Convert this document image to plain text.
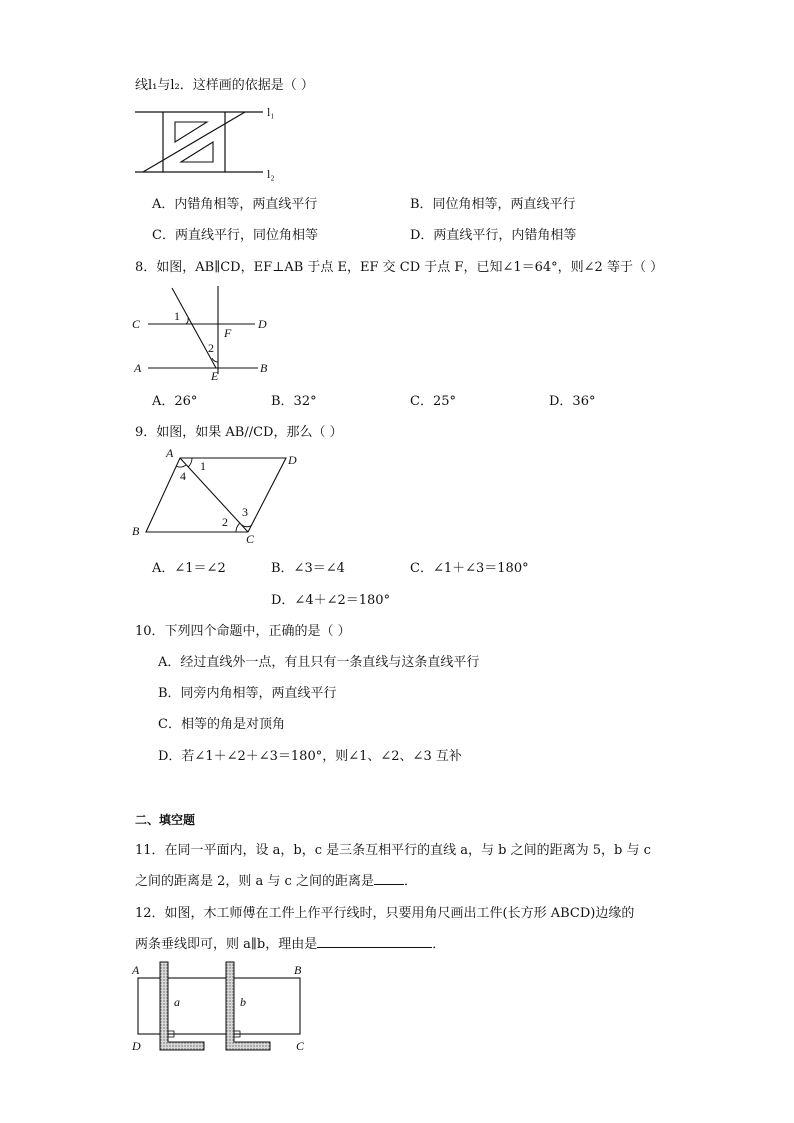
线l₁与l₂．这样画的依据是（ ）
l₁
l₂
A．内错角相等，两直线平行	B．同位角相等，两直线平行
C．两直线平行，同位角相等	D．两直线平行，内错角相等
8．如图，AB∥CD，EF⊥AB 于点 E，EF 交 CD 于点 F，已知∠1＝64°，则∠2 等于（ ）
C	D
A	B
E
F
1
2
A．26°	B．32°	C．25°	D．36°
9．如图，如果 AB//CD，那么（ ）
A	D
B
C
1
4
2
3
A．∠1＝∠2	B．∠3＝∠4	C．∠1＋∠3＝180°
D．∠4＋∠2＝180°
10．下列四个命题中，正确的是（ ）
A．经过直线外一点，有且只有一条直线与这条直线平行
B．同旁内角相等，两直线平行
C．相等的角是对顶角
D．若∠1＋∠2＋∠3＝180°，则∠1、∠2、∠3 互补
二、填空题
11．在同一平面内，设 a，b，c 是三条互相平行的直线 a，与 b 之间的距离为 5，b 与 c
之间的距离是 2，则 a 与 c 之间的距离是 ．
12．如图，木工师傅在工件上作平行线时，只要用角尺画出工件(长方形 ABCD)边缘的
两条垂线即可，则 a∥b，理由是	．
A	B
D	C
a	b
